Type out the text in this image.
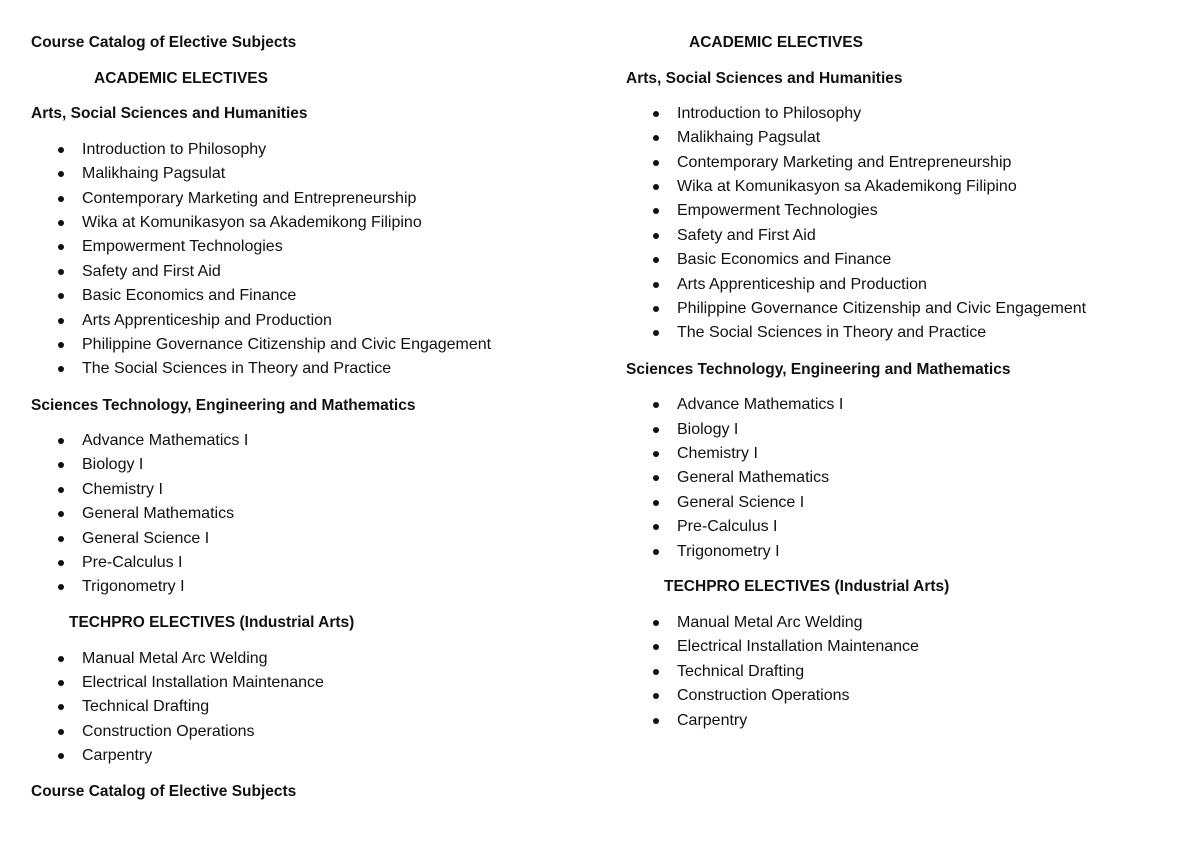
Course Catalog of Elective Subjects
ACADEMIC ELECTIVES
Arts, Social Sciences and Humanities
Introduction to Philosophy
Malikhaing Pagsulat
Contemporary Marketing and Entrepreneurship
Wika at Komunikasyon sa Akademikong Filipino
Empowerment Technologies
Safety and First Aid
Basic Economics and Finance
Arts Apprenticeship and Production
Philippine Governance Citizenship and Civic Engagement
The Social Sciences in Theory and Practice
Sciences Technology, Engineering and Mathematics
Advance Mathematics I
Biology I
Chemistry I
General Mathematics
General Science I
Pre-Calculus I
Trigonometry I
TECHPRO ELECTIVES (Industrial Arts)
Manual Metal Arc Welding
Electrical Installation Maintenance
Technical Drafting
Construction Operations
Carpentry
Course Catalog of Elective Subjects
ACADEMIC ELECTIVES
Arts, Social Sciences and Humanities
Introduction to Philosophy
Malikhaing Pagsulat
Contemporary Marketing and Entrepreneurship
Wika at Komunikasyon sa Akademikong Filipino
Empowerment Technologies
Safety and First Aid
Basic Economics and Finance
Arts Apprenticeship and Production
Philippine Governance Citizenship and Civic Engagement
The Social Sciences in Theory and Practice
Sciences Technology, Engineering and Mathematics
Advance Mathematics I
Biology I
Chemistry I
General Mathematics
General Science I
Pre-Calculus I
Trigonometry I
TECHPRO ELECTIVES (Industrial Arts)
Manual Metal Arc Welding
Electrical Installation Maintenance
Technical Drafting
Construction Operations
Carpentry
